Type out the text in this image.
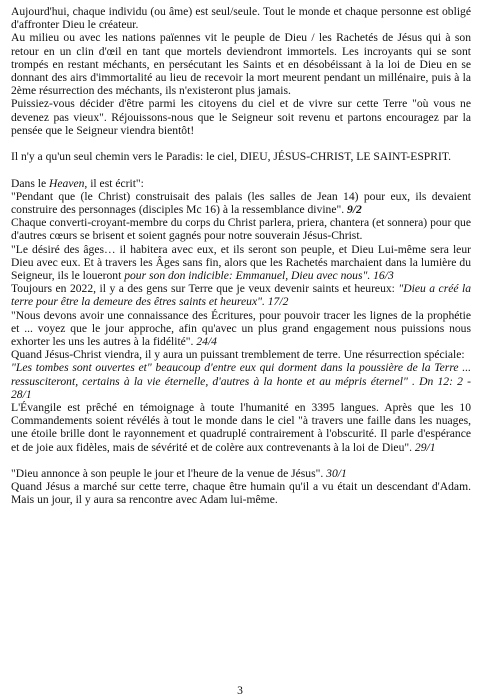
Aujourd'hui, chaque individu (ou âme) est seul/seule. Tout le monde et chaque personne est obligé d'affronter Dieu le créateur.

Au milieu ou avec les nations païennes vit le peuple de Dieu / les Rachetés de Jésus qui à son retour en un clin d'œil en tant que mortels deviendront immortels. Les incroyants qui se sont trompés en restant méchants, en persécutant les Saints et en désobéissant à la loi de Dieu en se donnant des airs d'immortalité au lieu de recevoir la mort meurent pendant un millénaire, puis à la 2ème résurrection des méchants, ils n'existeront plus jamais.

Puissiez-vous décider d'être parmi les citoyens du ciel et de vivre sur cette Terre "où vous ne devenez pas vieux". Réjouissons-nous que le Seigneur soit revenu et partons encouragez par la pensée que le Seigneur viendra bientôt!

Il n'y a qu'un seul chemin vers le Paradis: le ciel, DIEU, JÉSUS-CHRIST, LE SAINT-ESPRIT.

Dans le Heaven, il est écrit":

"Pendant que (le Christ) construisait des palais (les salles de Jean 14) pour eux, ils devaient construire des personnages (disciples Mc 16) à la ressemblance divine". 9/2

Chaque converti-croyant-membre du corps du Christ parlera, priera, chantera (et sonnera) pour que d'autres cœurs se brisent et soient gagnés pour notre souverain Jésus-Christ.

"Le désiré des âges… il habitera avec eux, et ils seront son peuple, et Dieu Lui-même sera leur Dieu avec eux. Et à travers les Âges sans fin, alors que les Rachetés marchaient dans la lumière du Seigneur, ils le loueront pour son don indicible: Emmanuel, Dieu avec nous". 16/3

Toujours en 2022, il y a des gens sur Terre que je veux devenir saints et heureux: "Dieu a créé la terre pour être la demeure des êtres saints et heureux". 17/2

"Nous devons avoir une connaissance des Écritures, pour pouvoir tracer les lignes de la prophétie et ... voyez que le jour approche, afin qu'avec un plus grand engagement nous puissions nous exhorter les uns les autres à la fidélité". 24/4

Quand Jésus-Christ viendra, il y aura un puissant tremblement de terre. Une résurrection spéciale:

"Les tombes sont ouvertes et" beaucoup d'entre eux qui dorment dans la poussière de la Terre ... ressusciteront, certains à la vie éternelle, d'autres à la honte et au mépris éternel" . Dn 12: 2 - 28/1

L'Évangile est prêché en témoignage à toute l'humanité en 3395 langues. Après que les 10 Commandements soient révélés à tout le monde dans le ciel "à travers une faille dans les nuages, une étoile brille dont le rayonnement et quadruplé contrairement à l'obscurité. Il parle d'espérance et de joie aux fidèles, mais de sévérité et de colère aux contrevenants à la loi de Dieu". 29/1

"Dieu annonce à son peuple le jour et l'heure de la venue de Jésus". 30/1

Quand Jésus a marché sur cette terre, chaque être humain qu'il a vu était un descendant d'Adam. Mais un jour, il y aura sa rencontre avec Adam lui-même.

3
